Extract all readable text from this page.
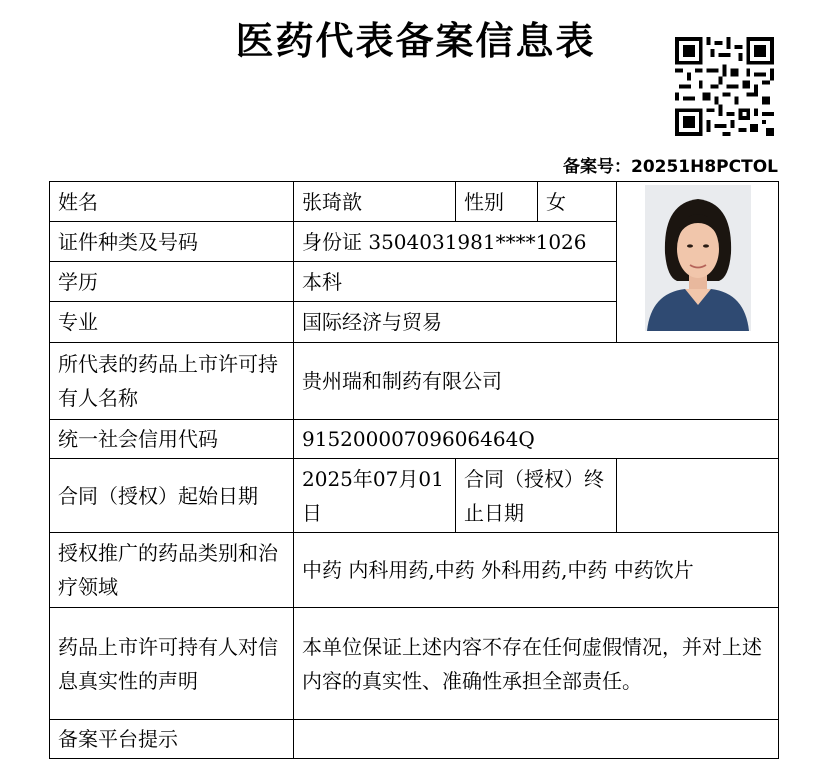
医药代表备案信息表
备案号：20251H8PCTOL
姓名	张琦歆	性别	女	

证件种类及号码	身份证 3504031981****1026			
学历	本科			
专业	国际经济与贸易			
所代表的药品上市许可持有人名称	贵州瑞和制药有限公司			
统一社会信用代码	91520000709606464Q			
合同（授权）起始日期	2025年07月01日	合同（授权）终止日期		
授权推广的药品类别和治疗领域	中药 内科用药,中药 外科用药,中药 中药饮片			
药品上市许可持有人对信息真实性的声明	本单位保证上述内容不存在任何虚假情况，并对上述内容的真实性、准确性承担全部责任。			
备案平台提示				
